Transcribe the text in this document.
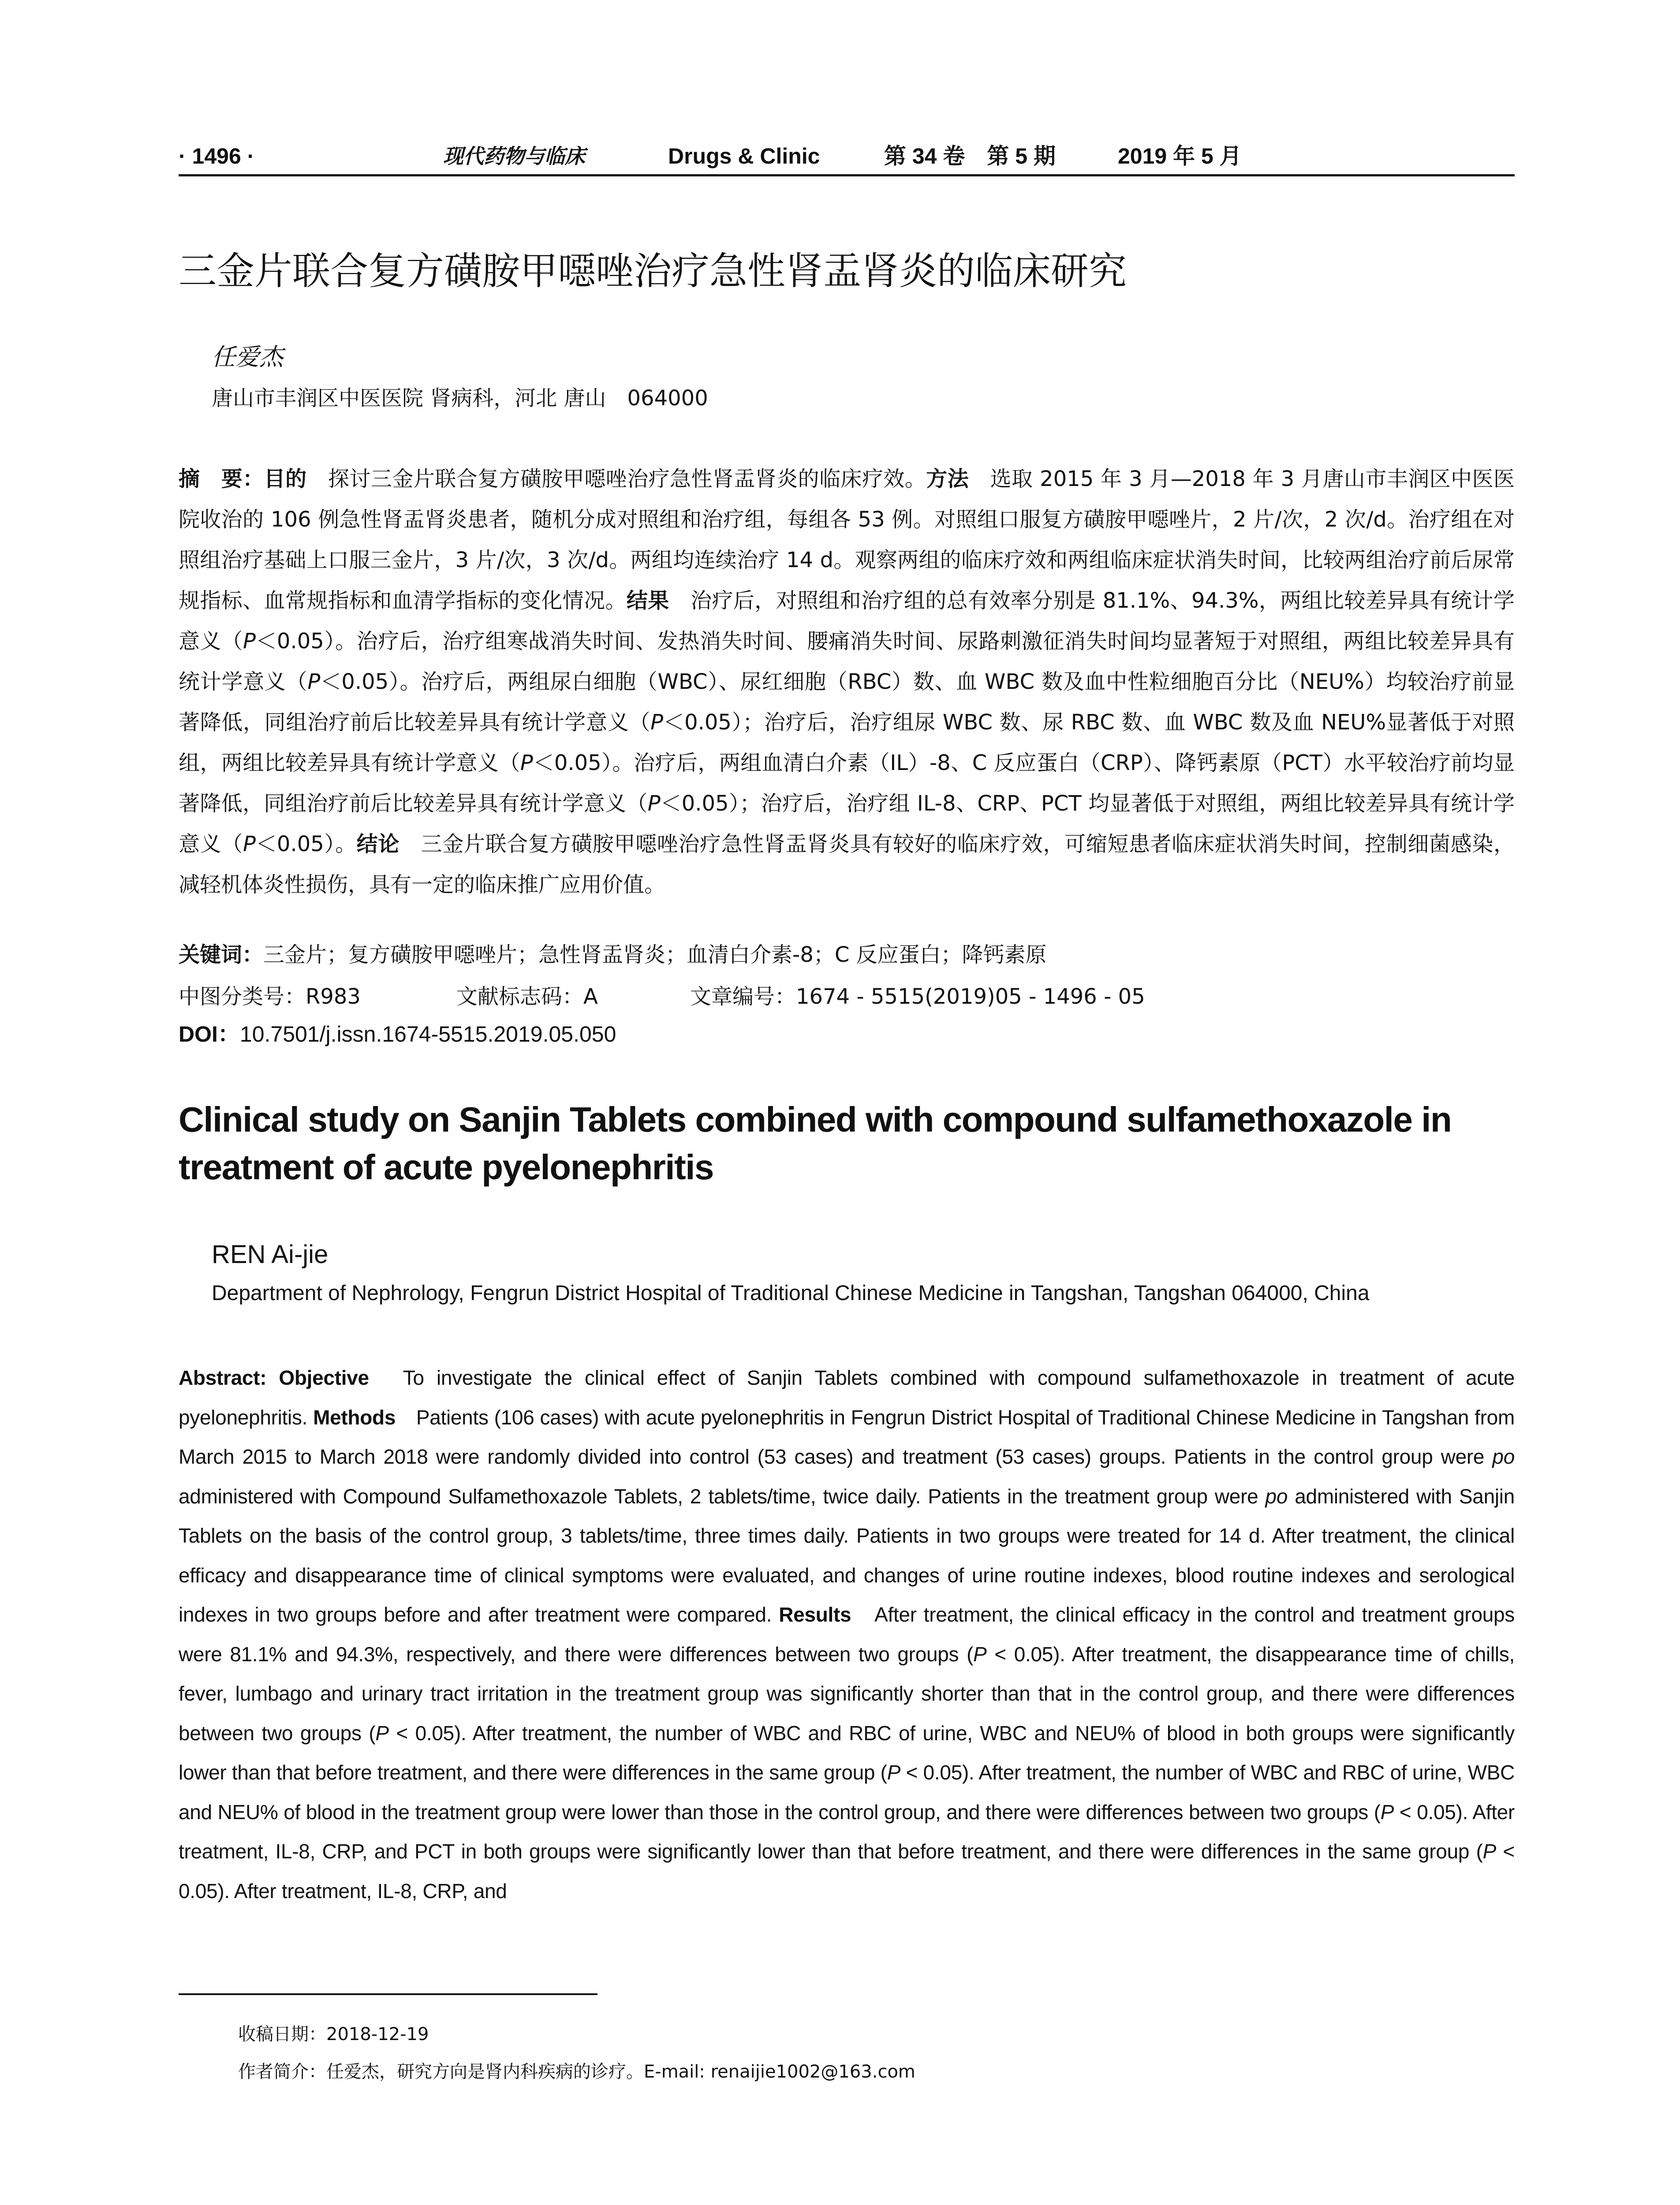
· 1496 ·	现代药物与临床	Drugs & Clinic	第 34 卷　第 5 期	2019 年 5 月
三金片联合复方磺胺甲噁唑治疗急性肾盂肾炎的临床研究
任爱杰
唐山市丰润区中医医院 肾病科，河北 唐山　064000

摘　要：目的　探讨三金片联合复方磺胺甲噁唑治疗急性肾盂肾炎的临床疗效。方法　选取 2015 年 3 月—2018 年 3 月唐山市丰润区中医医院收治的 106 例急性肾盂肾炎患者，随机分成对照组和治疗组，每组各 53 例。对照组口服复方磺胺甲噁唑片，2 片/次，2 次/d。治疗组在对照组治疗基础上口服三金片，3 片/次，3 次/d。两组均连续治疗 14 d。观察两组的临床疗效和两组临床症状消失时间，比较两组治疗前后尿常规指标、血常规指标和血清学指标的变化情况。结果　治疗后，对照组和治疗组的总有效率分别是 81.1%、94.3%，两组比较差异具有统计学意义（P＜0.05）。治疗后，治疗组寒战消失时间、发热消失时间、腰痛消失时间、尿路刺激征消失时间均显著短于对照组，两组比较差异具有统计学意义（P＜0.05）。治疗后，两组尿白细胞（WBC）、尿红细胞（RBC）数、血 WBC 数及血中性粒细胞百分比（NEU%）均较治疗前显著降低，同组治疗前后比较差异具有统计学意义（P＜0.05）；治疗后，治疗组尿 WBC 数、尿 RBC 数、血 WBC 数及血 NEU%显著低于对照组，两组比较差异具有统计学意义（P＜0.05）。治疗后，两组血清白介素（IL）-8、C 反应蛋白（CRP）、降钙素原（PCT）水平较治疗前均显著降低，同组治疗前后比较差异具有统计学意义（P＜0.05）；治疗后，治疗组 IL-8、CRP、PCT 均显著低于对照组，两组比较差异具有统计学意义（P＜0.05）。结论　三金片联合复方磺胺甲噁唑治疗急性肾盂肾炎具有较好的临床疗效，可缩短患者临床症状消失时间，控制细菌感染，减轻机体炎性损伤，具有一定的临床推广应用价值。

关键词：三金片；复方磺胺甲噁唑片；急性肾盂肾炎；血清白介素-8；C 反应蛋白；降钙素原
中图分类号：R983	文献标志码：A	文章编号：1674 - 5515(2019)05 - 1496 - 05
DOI：10.7501/j.issn.1674-5515.2019.05.050
Clinical study on Sanjin Tablets combined with compound sulfamethoxazole in treatment of acute pyelonephritis
REN Ai-jie
Department of Nephrology, Fengrun District Hospital of Traditional Chinese Medicine in Tangshan, Tangshan 064000, China

Abstract: Objective　To investigate the clinical effect of Sanjin Tablets combined with compound sulfamethoxazole in treatment of acute pyelonephritis. Methods　Patients (106 cases) with acute pyelonephritis in Fengrun District Hospital of Traditional Chinese Medicine in Tangshan from March 2015 to March 2018 were randomly divided into control (53 cases) and treatment (53 cases) groups. Patients in the control group were po administered with Compound Sulfamethoxazole Tablets, 2 tablets/time, twice daily. Patients in the treatment group were po administered with Sanjin Tablets on the basis of the control group, 3 tablets/time, three times daily. Patients in two groups were treated for 14 d. After treatment, the clinical efficacy and disappearance time of clinical symptoms were evaluated, and changes of urine routine indexes, blood routine indexes and serological indexes in two groups before and after treatment were compared. Results　After treatment, the clinical efficacy in the control and treatment groups were 81.1% and 94.3%, respectively, and there were differences between two groups (P < 0.05). After treatment, the disappearance time of chills, fever, lumbago and urinary tract irritation in the treatment group was significantly shorter than that in the control group, and there were differences between two groups (P < 0.05). After treatment, the number of WBC and RBC of urine, WBC and NEU% of blood in both groups were significantly lower than that before treatment, and there were differences in the same group (P < 0.05). After treatment, the number of WBC and RBC of urine, WBC and NEU% of blood in the treatment group were lower than those in the control group, and there were differences between two groups (P < 0.05). After treatment, IL-8, CRP, and PCT in both groups were significantly lower than that before treatment, and there were differences in the same group (P < 0.05). After treatment, IL-8, CRP, and

收稿日期：2018-12-19
作者简介：任爱杰，研究方向是肾内科疾病的诊疗。E-mail: renaijie1002@163.com
